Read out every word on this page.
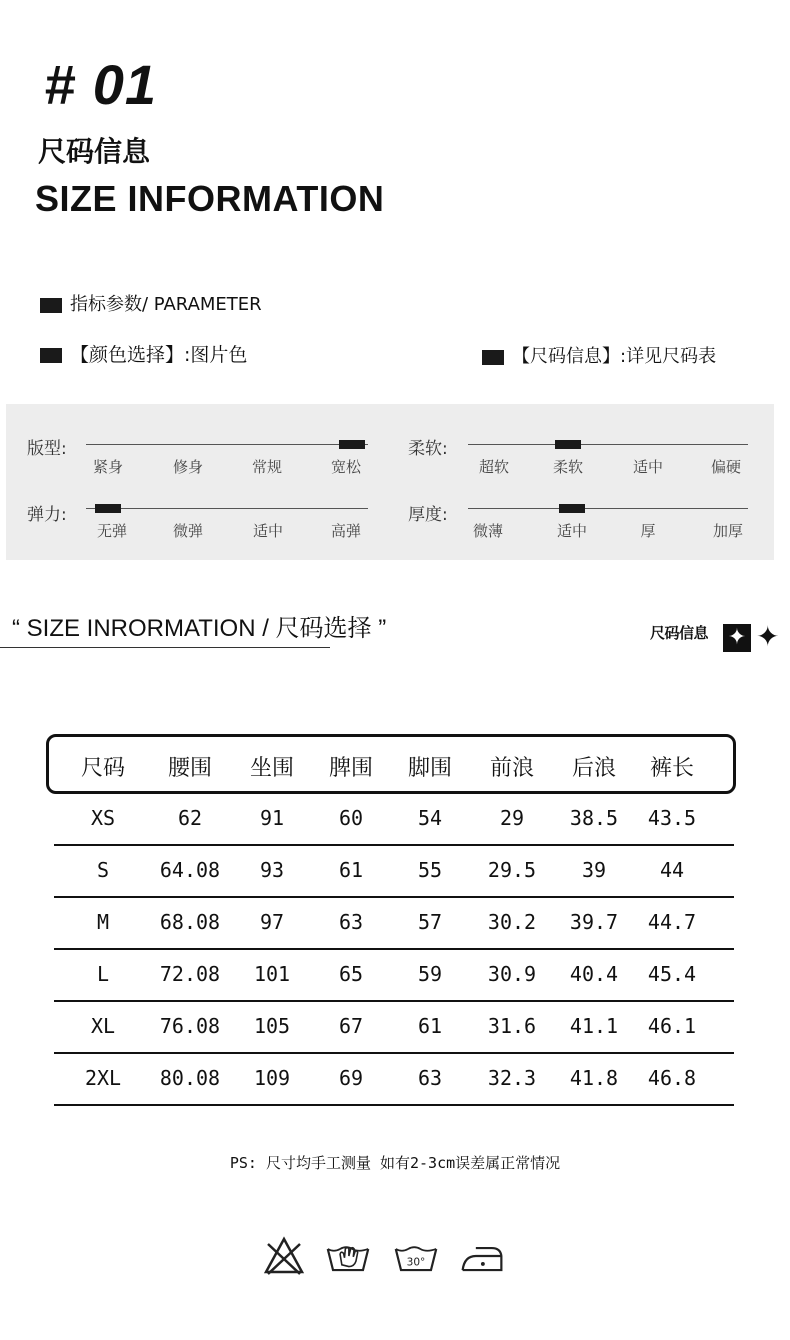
# 01
尺码信息
SIZE INFORMATION
指标参数/ PARAMETER
【颜色选择】:图片色	【尺码信息】:详见尺码表
版型:
紧身	修身	常规	宽松
柔软:
超软	柔软	适中	偏硬
弹力:
无弹	微弹	适中	高弹
厚度:
微薄	适中	厚	加厚
“ SIZE INRORMATION / 尺码选择 ”	尺码信息 ✦ ✦
尺码 腰围 坐围 脾围 脚围 前浪 后浪 裤长
XS	62	91	60	54	29 38.5 43.5
S	64.08 93	61	55 29.5 39	44
M	68.08 97	63	57 30.2 39.7 44.7
L	72.08 101 65	59 30.9 40.4 45.4
XL 76.08 105 67	61 31.6 41.1 46.1
2XL 80.08 109 69	63 32.3 41.8 46.8
PS: 尺寸均手工测量 如有2-3cm误差属正常情况
30°
